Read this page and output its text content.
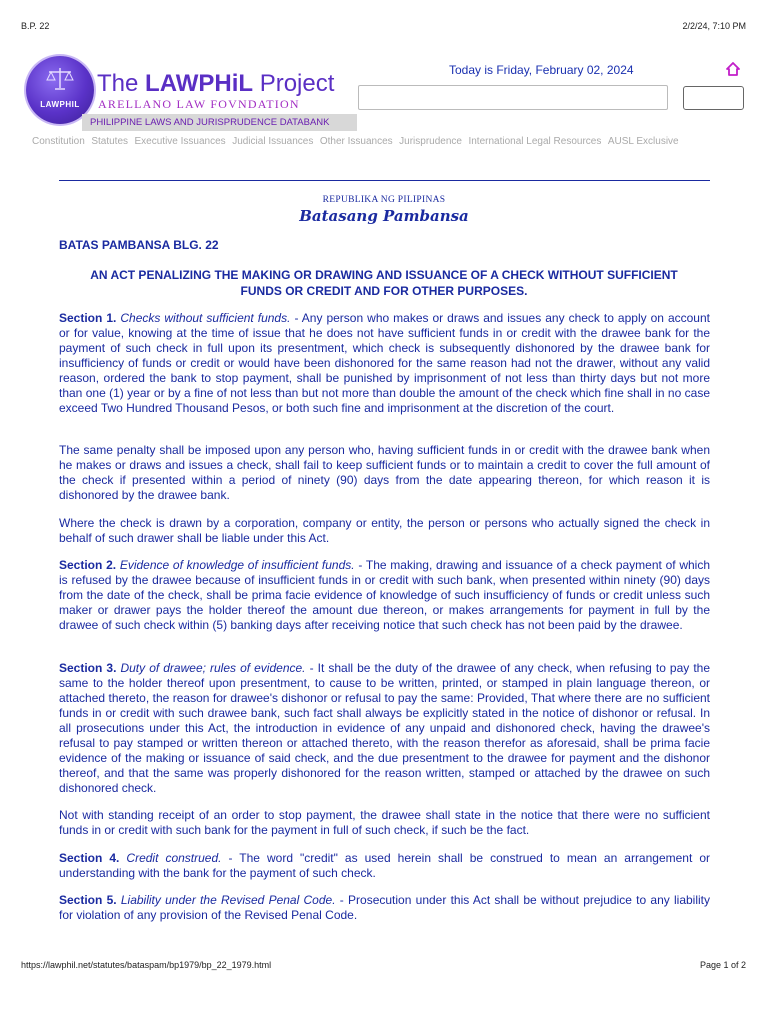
B.P. 22	2/2/24, 7:10 PM
LAWPHIL
The LAWPHiL Project
ARELLANO LAW FOVNDATION
PHILIPPINE LAWS AND JURISPRUDENCE DATABANK
Today is Friday, February 02, 2024
Constitution Statutes Executive Issuances Judicial Issuances Other Issuances Jurisprudence International Legal Resources AUSL Exclusive
REPUBLIKA NG PILIPINAS
Batasang Pambansa
BATAS PAMBANSA BLG. 22
AN ACT PENALIZING THE MAKING OR DRAWING AND ISSUANCE OF A CHECK WITHOUT SUFFICIENT FUNDS OR CREDIT AND FOR OTHER PURPOSES.
Section 1. Checks without sufficient funds. - Any person who makes or draws and issues any check to apply on account or for value, knowing at the time of issue that he does not have sufficient funds in or credit with the drawee bank for the payment of such check in full upon its presentment, which check is subsequently dishonored by the drawee bank for insufficiency of funds or credit or would have been dishonored for the same reason had not the drawer, without any valid reason, ordered the bank to stop payment, shall be punished by imprisonment of not less than thirty days but not more than one (1) year or by a fine of not less than but not more than double the amount of the check which fine shall in no case exceed Two Hundred Thousand Pesos, or both such fine and imprisonment at the discretion of the court.
The same penalty shall be imposed upon any person who, having sufficient funds in or credit with the drawee bank when he makes or draws and issues a check, shall fail to keep sufficient funds or to maintain a credit to cover the full amount of the check if presented within a period of ninety (90) days from the date appearing thereon, for which reason it is dishonored by the drawee bank.
Where the check is drawn by a corporation, company or entity, the person or persons who actually signed the check in behalf of such drawer shall be liable under this Act.
Section 2. Evidence of knowledge of insufficient funds. - The making, drawing and issuance of a check payment of which is refused by the drawee because of insufficient funds in or credit with such bank, when presented within ninety (90) days from the date of the check, shall be prima facie evidence of knowledge of such insufficiency of funds or credit unless such maker or drawer pays the holder thereof the amount due thereon, or makes arrangements for payment in full by the drawee of such check within (5) banking days after receiving notice that such check has not been paid by the drawee.
Section 3. Duty of drawee; rules of evidence. - It shall be the duty of the drawee of any check, when refusing to pay the same to the holder thereof upon presentment, to cause to be written, printed, or stamped in plain language thereon, or attached thereto, the reason for drawee's dishonor or refusal to pay the same: Provided, That where there are no sufficient funds in or credit with such drawee bank, such fact shall always be explicitly stated in the notice of dishonor or refusal. In all prosecutions under this Act, the introduction in evidence of any unpaid and dishonored check, having the drawee's refusal to pay stamped or written thereon or attached thereto, with the reason therefor as aforesaid, shall be prima facie evidence of the making or issuance of said check, and the due presentment to the drawee for payment and the dishonor thereof, and that the same was properly dishonored for the reason written, stamped or attached by the drawee on such dishonored check.
Not with standing receipt of an order to stop payment, the drawee shall state in the notice that there were no sufficient funds in or credit with such bank for the payment in full of such check, if such be the fact.
Section 4. Credit construed. - The word "credit" as used herein shall be construed to mean an arrangement or understanding with the bank for the payment of such check.
Section 5. Liability under the Revised Penal Code. - Prosecution under this Act shall be without prejudice to any liability for violation of any provision of the Revised Penal Code.
https://lawphil.net/statutes/bataspam/bp1979/bp_22_1979.html	Page 1 of 2
